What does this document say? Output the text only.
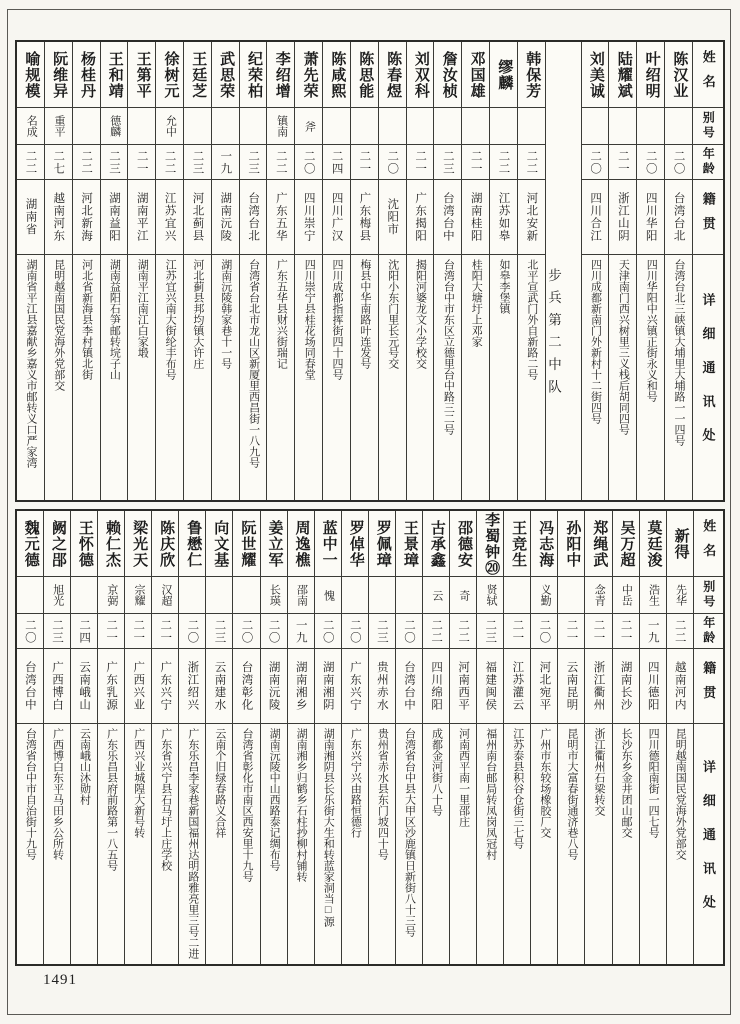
姓名
别号
年龄
籍贯
详细通讯处
陈汉业
二〇
台湾台北
台湾台北三峡镇大埔里大埔路一一四号
叶绍明
二〇
四川华阳
四川华阳中兴镇正街永义和号
陆耀斌
二一
浙江山阴
天津南门西兴树里三义栈后胡同四号
刘美诚
二〇
四川合江
四川成都新南门外新村十二街四号
步兵第二中队
韩保芳
二二
河北安新
北平宣武门外自新路二号
缪麟
二二
江苏如皋
如皋李堡镇
邓国雄
二一
湖南桂阳
桂阳大塘圩上邓家
詹汝桢
二三
台湾台中
台湾台中市东区立德里台中路三二号
刘双科
二一
广东揭阳
揭阳河婆龙文小学校交
陈春煜
二〇
沈阳市
沈阳小东门里长元号交
陈思能
二一
广东梅县
梅县中华南路叶连发号
陈咸熙
二四
四川广汉
四川成都指挥街四十四号
萧先荣
斧
二〇
四川崇宁
四川崇宁县桂花场同春堂
李绍增
镇南
二二
广东五华
广东五华县财兴街瑞记
纪荣柏
二三
台湾台北
台湾省台北市龙山区新厦里西昌街一八九号
武思荣
一九
湖南沅陵
湖南沅陵韩家巷十一号
王廷芝
二三
河北蓟县
河北蓟县邦均镇大许庄
徐树元
允中
二二
江苏宜兴
江苏宜兴南大街纶丰布号
王第平
二一
湖南平江
湖南平江南江白家塅
王和靖
德麟
二三
湖南益阳
湖南益阳石笋邮转垸子山
杨桂丹
二二
河北新海
河北省新海县李村镇北街
阮维异
重平
二七
越南河东
昆明越南国民党海外党部交
喻规模
名成
二二
湖南省
湖南省平江县嘉献乡嘉义市邮转义口严家湾
姓名
别号
年龄
籍贯
详细通讯处
新得
先华
二二
越南河内
昆明越南国民党海外党部交
莫廷浚
浩生
一九
四川德阳
四川德阳南街一四七号
吴万超
中岳
二一
湖南长沙
长沙东乡金井团山邮交
郑绳武
念青
二一
浙江衢州
浙江衢州石梁转交
孙阳中
二一
云南昆明
昆明市大富春街通济巷八号
冯志海
义勤
二〇
河北宛平
广州市东较场橡胶厂交
王竞生
二一
江苏灌云
江苏泰县积谷仓街三七号
李蜀钟⑳
贤轼
二三
福建闽侯
福州南台邮局转凤岗凤冠村
邵德安
奇
二二
河南西平
河南西平南一里邵庄
古承鑫
云
二二
四川绵阳
成都金河街八十号
王景璋
二〇
台湾台中
台湾省台中县大甲区沙鹿镇日新街八十三号
罗佩璋
二三
贵州赤水
贵州省赤水县东门坡四十号
罗倬华
二〇
广东兴宁
广东兴宁兴由路恒德行
蓝中一
愧
二〇
湖南湘阴
湖南湘阴县长乐街大生和转蓝家洞当□源
周逸樵
邵南
一九
湖南湘乡
湖南湘乡归鹤乡石柱抄柳村铺转
姜立军
长瑛
二〇
湖南沅陵
湖南沅陵中山西路泰记绸布号
阮世耀
二〇
台湾彰化
台湾省彰化市南区西安里十九号
向文基
二三
云南建水
云南个旧绿春路义合祥
鲁懋仁
二〇
浙江绍兴
广东乐昌李家巷新国福州达明路雅亮里三号二进
陈庆欣
汉超
二一
广东兴宁
广东省兴宁县石马圩上庄学校
梁光天
宗耀
二一
广西兴业
广西兴业城隍大新号转
赖仁杰
京弼
二一
广东乳源
广东乐昌县府前路第一八五号
王怀德
二四
云南峨山
云南峨山沐勋村
阙之郘
旭光
二三
广西博白
广西博白东平马田乡公所转
魏元德
二〇
台湾台中
台湾省台中市自治街十九号
1491
